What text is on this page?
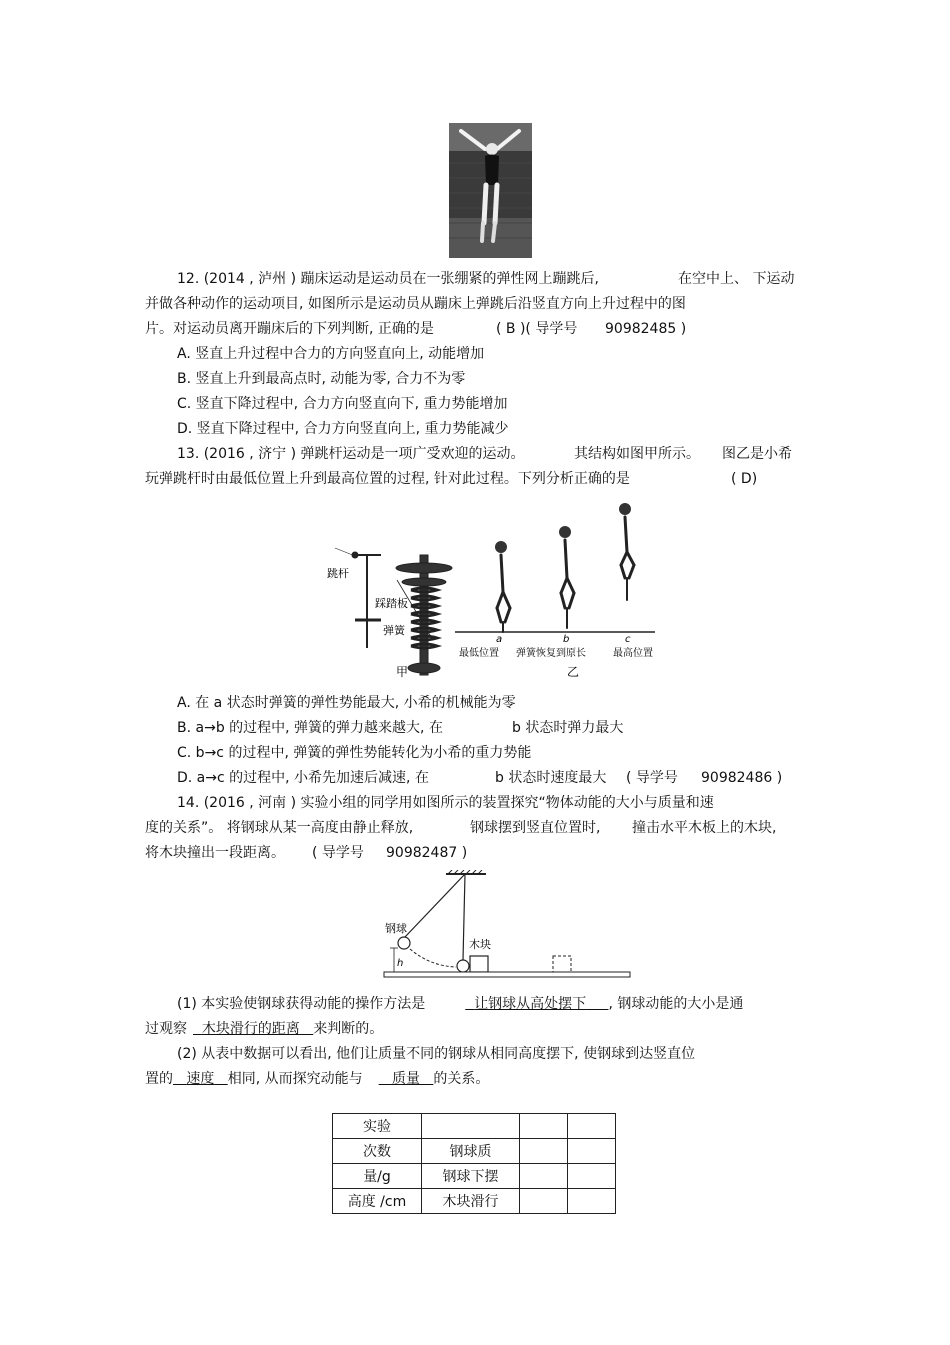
12. (2014 , 泸州 ) 蹦床运动是运动员在一张绷紧的弹性网上蹦跳后,	在空中上、 下运动
并做各种动作的运动项目, 如图所示是运动员从蹦床上弹跳后沿竖直方向上升过程中的图
片。对运动员离开蹦床后的下列判断, 正确的是	( B )( 导学号 90982485 )
A. 竖直上升过程中合力的方向竖直向上, 动能增加
B. 竖直上升到最高点时, 动能为零, 合力不为零
C. 竖直下降过程中, 合力方向竖直向下, 重力势能增加
D. 竖直下降过程中, 合力方向竖直向上, 重力势能减少
13. (2016 , 济宁 ) 弹跳杆运动是一项广受欢迎的运动。	其结构如图甲所示。 图乙是小希
玩弹跳杆时由最低位置上升到最高位置的过程, 针对此过程。下列分析正确的是	( D)
跳杆
踩踏板
弹簧
甲
a	b	c
最低位置 弹簧恢复到原长	最高位置
乙
A. 在 a 状态时弹簧的弹性势能最大, 小希的机械能为零
B. a→b 的过程中, 弹簧的弹力越来越大, 在	b 状态时弹力最大
C. b→c 的过程中, 弹簧的弹性势能转化为小希的重力势能
D. a→c 的过程中, 小希先加速后减速, 在	b 状态时速度最大 ( 导学号 90982486 )
14. (2016 , 河南 ) 实验小组的同学用如图所示的装置探究“物体动能的大小与质量和速
度的关系”。 将钢球从某一高度由静止释放,	钢球摆到竖直位置时, 撞击水平木板上的木块,
将木块撞出一段距离。 ( 导学号 90982487 )
钢球
木块
h
(1) 本实验使钢球获得动能的操作方法是	让钢球从高处摆下 , 钢球动能的大小是通
过观察 木块滑行的距离 来判断的。
(2) 从表中数据可以看出, 他们让质量不同的钢球从相同高度摆下, 使钢球到达竖直位
置的 速度 相同, 从而探究动能与 质量 的关系。
实验			
次数	钢球质		
量/g	钢球下摆		
高度 /cm	木块滑行		
